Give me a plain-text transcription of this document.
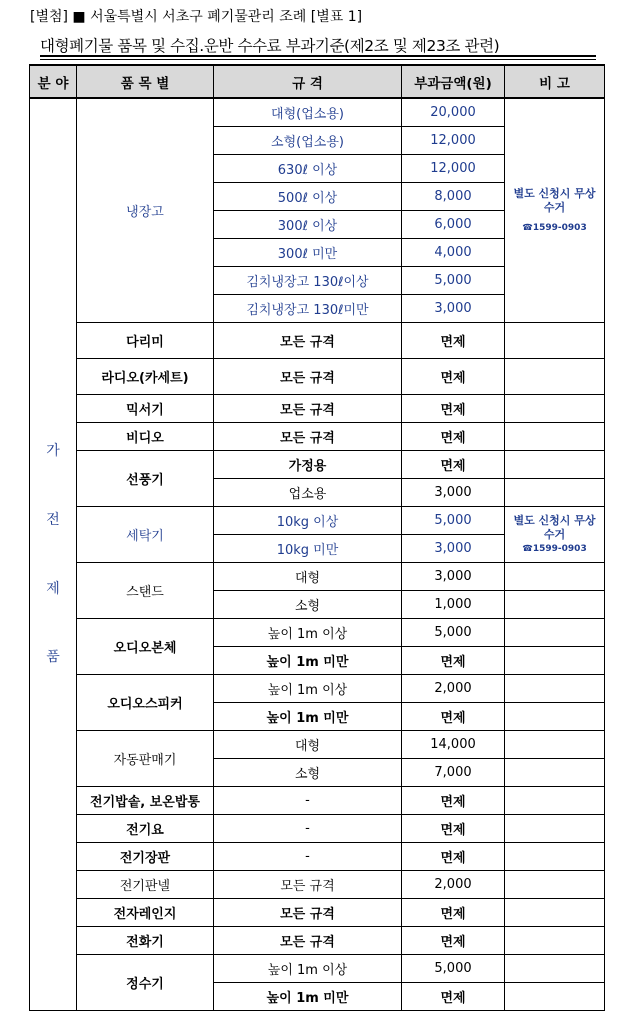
[별첨] ■ 서울특별시 서초구 폐기물관리 조례 [별표 1]
대형폐기물 품목 및 수집.운반 수수료 부과기준(제2조 및 제23조 관련)
분 야	품 목 별	규 격	부과금액(원)	비 고

가
전
제
품	냉장고	대형(업소용)	20,000	별도 신청시 무상 수거
☎1599-0903

		소형(업소용)	12,000	
		630ℓ 이상	12,000	
		500ℓ 이상	8,000	
		300ℓ 이상	6,000	
		300ℓ 미만	4,000	
		김치냉장고 130ℓ이상	5,000	
		김치냉장고 130ℓ미만	3,000	
	다리미	모든 규격	면제	
	라디오(카세트)	모든 규격	면제	
	믹서기	모든 규격	면제	
	비디오	모든 규격	면제	
	선풍기	가정용	면제	
		업소용	3,000	
	세탁기	10kg 이상	5,000	별도 신청시 무상 수거
☎1599-0903

		10kg 미만	3,000	
	스탠드	대형	3,000	
		소형	1,000	
	오디오본체	높이 1m 이상	5,000	
		높이 1m 미만	면제	
	오디오스피커	높이 1m 이상	2,000	
		높이 1m 미만	면제	
	자동판매기	대형	14,000	
		소형	7,000	
	전기밥솥, 보온밥통	-	면제	
	전기요	-	면제	
	전기장판	-	면제	
	전기판넬	모든 규격	2,000	
	전자레인지	모든 규격	면제	
	전화기	모든 규격	면제	
	정수기	높이 1m 이상	5,000	
		높이 1m 미만	면제	
